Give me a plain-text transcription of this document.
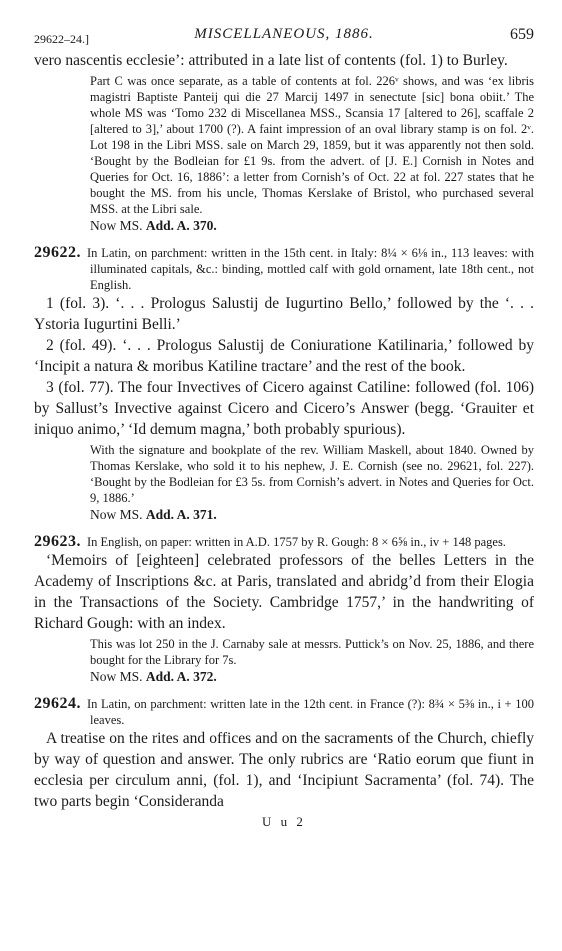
29622–24.]	MISCELLANEOUS, 1886.	659

vero nascentis ecclesie’: attributed in a late list of contents (fol. 1) to Burley.

Part C was once separate, as a table of contents at fol. 226ᵛ shows, and was ‘ex libris magistri Baptiste Panteij qui die 27 Marcij 1497 in senectute [sic] bona obiit.’ The whole MS was ‘Tomo 232 di Miscellanea MSS., Scansia 17 [altered to 26], scaffale 2 [altered to 3],’ about 1700 (?). A faint impression of an oval library stamp is on fol. 2ᵛ. Lot 198 in the Libri MSS. sale on March 29, 1859, but it was apparently not then sold. ‘Bought by the Bodleian for £1 9s. from the advert. of [J. E.] Cornish in Notes and Queries for Oct. 16, 1886’: a letter from Cornish’s of Oct. 22 at fol. 227 states that he bought the MS. from his uncle, Thomas Kerslake of Bristol, who purchased several MSS. at the Libri sale.

Now MS. Add. A. 370.

29622. In Latin, on parchment: written in the 15th cent. in Italy: 8¼ × 6⅛ in., 113 leaves: with illuminated capitals, &c.: binding, mottled calf with gold ornament, late 18th cent., not English.

1 (fol. 3). ‘. . . Prologus Salustij de Iugurtino Bello,’ followed by the ‘. . . Ystoria Iugurtini Belli.’

2 (fol. 49). ‘. . . Prologus Salustij de Coniuratione Katilinaria,’ followed by ‘Incipit a natura & moribus Katiline tractare’ and the rest of the book.

3 (fol. 77). The four Invectives of Cicero against Catiline: followed (fol. 106) by Sallust’s Invective against Cicero and Cicero’s Answer (begg. ‘Grauiter et iniquo animo,’ ‘Id demum magna,’ both probably spurious).

With the signature and bookplate of the rev. William Maskell, about 1840. Owned by Thomas Kerslake, who sold it to his nephew, J. E. Cornish (see no. 29621, fol. 227). ‘Bought by the Bodleian for £3 5s. from Cornish’s advert. in Notes and Queries for Oct. 9, 1886.’

Now MS. Add. A. 371.

29623. In English, on paper: written in A.D. 1757 by R. Gough: 8 × 6⅝ in., iv + 148 pages.

‘Memoirs of [eighteen] celebrated professors of the belles Letters in the Academy of Inscriptions &c. at Paris, translated and abridg’d from their Elogia in the Transactions of the Society. Cambridge 1757,’ in the handwriting of Richard Gough: with an index.

This was lot 250 in the J. Carnaby sale at messrs. Puttick’s on Nov. 25, 1886, and there bought for the Library for 7s.

Now MS. Add. A. 372.

29624. In Latin, on parchment: written late in the 12th cent. in France (?): 8¾ × 5⅜ in., i + 100 leaves.

A treatise on the rites and offices and on the sacraments of the Church, chiefly by way of question and answer. The only rubrics are ‘Ratio eorum que fiunt in ecclesia per circulum anni, (fol. 1), and ‘Incipiunt Sacramenta’ (fol. 74). The two parts begin ‘Consideranda

U u 2
